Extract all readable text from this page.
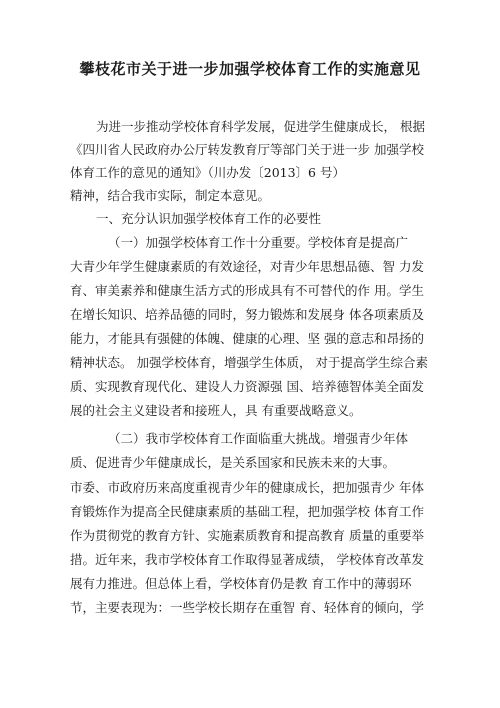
攀枝花市关于进一步加强学校体育工作的实施意见
为进一步推动学校体育科学发展，促进学生健康成长， 根据
《四川省人民政府办公厅转发教育厅等部门关于进一步 加强学校
体育工作的意见的通知》（川办发〔2013〕6 号）
精神，结合我市实际，制定本意见。
一、充分认识加强学校体育工作的必要性
（一）加强学校体育工作十分重要。学校体育是提高广
大青少年学生健康素质的有效途径，对青少年思想品德、智 力发
育、审美素养和健康生活方式的形成具有不可替代的作 用。学生
在增长知识、培养品德的同时，努力锻炼和发展身 体各项素质及
能力，才能具有强健的体魄、健康的心理、坚 强的意志和昂扬的
精神状态。 加强学校体育，增强学生体质， 对于提高学生综合素
质、实现教育现代化、建设人力资源强 国、培养德智体美全面发
展的社会主义建设者和接班人，具 有重要战略意义。
（二）我市学校体育工作面临重大挑战。增强青少年体
质、促进青少年健康成长，是关系国家和民族未来的大事。
市委、市政府历来高度重视青少年的健康成长，把加强青少 年体
育锻炼作为提高全民健康素质的基础工程，把加强学校 体育工作
作为贯彻党的教育方针、实施素质教育和提高教育 质量的重要举
措。近年来，我市学校体育工作取得显著成绩， 学校体育改革发
展有力推进。但总体上看，学校体育仍是教 育工作中的薄弱环
节，主要表现为：一些学校长期存在重智 育、轻体育的倾向，学
